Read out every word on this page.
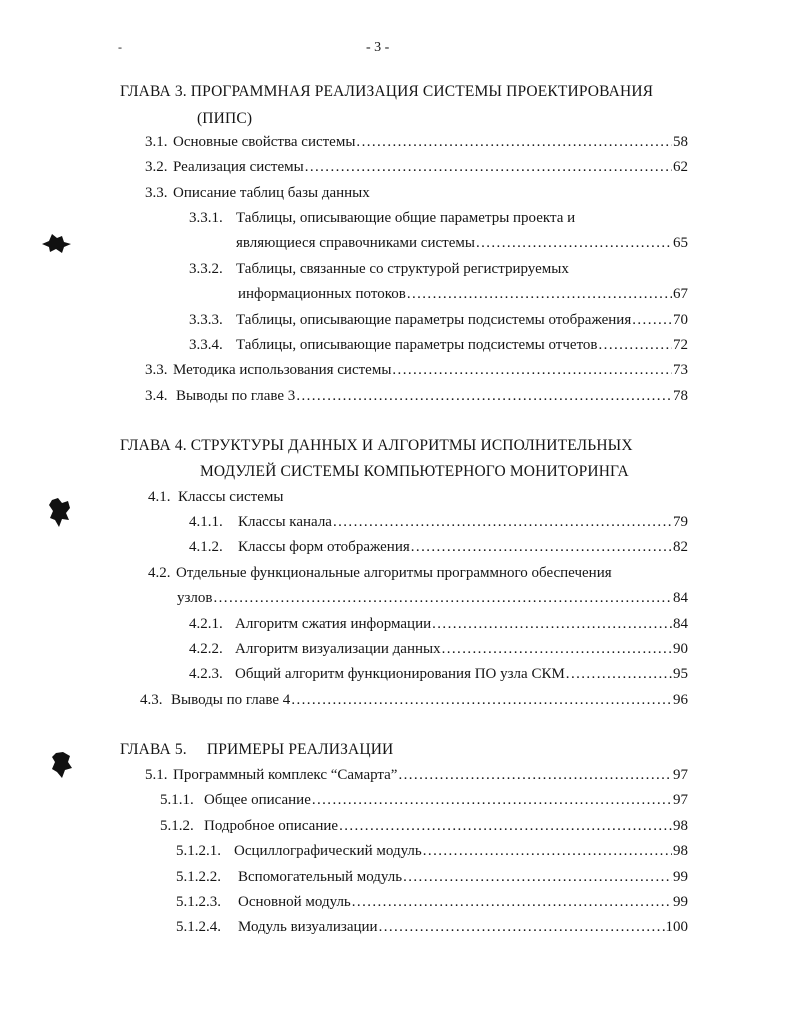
-	- 3 -
ГЛАВА 3. ПРОГРАММНАЯ РЕАЛИЗАЦИЯ СИСТЕМЫ ПРОЕКТИРОВАНИЯ
(ПИПС)
3.1. Основные свойства системы .....	58
3.2. Реализация системы .....	62
3.3. Описание таблиц базы данных
3.3.1. Таблицы, описывающие общие параметры проекта и
являющиеся справочниками системы .....	65
3.3.2. Таблицы, связанные со структурой регистрируемых
информационных потоков .....	67
3.3.3. Таблицы, описывающие параметры подсистемы отображения .....	70
3.3.4. Таблицы, описывающие параметры подсистемы отчетов .....	72
3.3. Методика использования системы .....	73
3.4. Выводы по главе 3 .....	78
ГЛАВА 4. СТРУКТУРЫ ДАННЫХ И АЛГОРИТМЫ ИСПОЛНИТЕЛЬНЫХ
МОДУЛЕЙ СИСТЕМЫ КОМПЬЮТЕРНОГО МОНИТОРИНГА
4.1. Классы системы
4.1.1.	Классы канала .....	79
4.1.2.	Классы форм отображения .....	82
4.2. Отдельные функциональные алгоритмы программного обеспечения
узлов .....	84
4.2.1. Алгоритм сжатия информации .....	84
4.2.2. Алгоритм визуализации данных .....	90
4.2.3. Общий алгоритм функционирования ПО узла СКМ .....	95
4.3. Выводы по главе 4 .....	96
ГЛАВА 5.     ПРИМЕРЫ РЕАЛИЗАЦИИ
5.1. Программный комплекс “Самарта” .....	97
5.1.1. Общее описание .....	97
5.1.2. Подробное описание .....	98
5.1.2.1. Осциллографический модуль .....	98
5.1.2.2.	Вспомогательный модуль .....	99
5.1.2.3.	Основной модуль .....	99
5.1.2.4.	Модуль визуализации .....	100
